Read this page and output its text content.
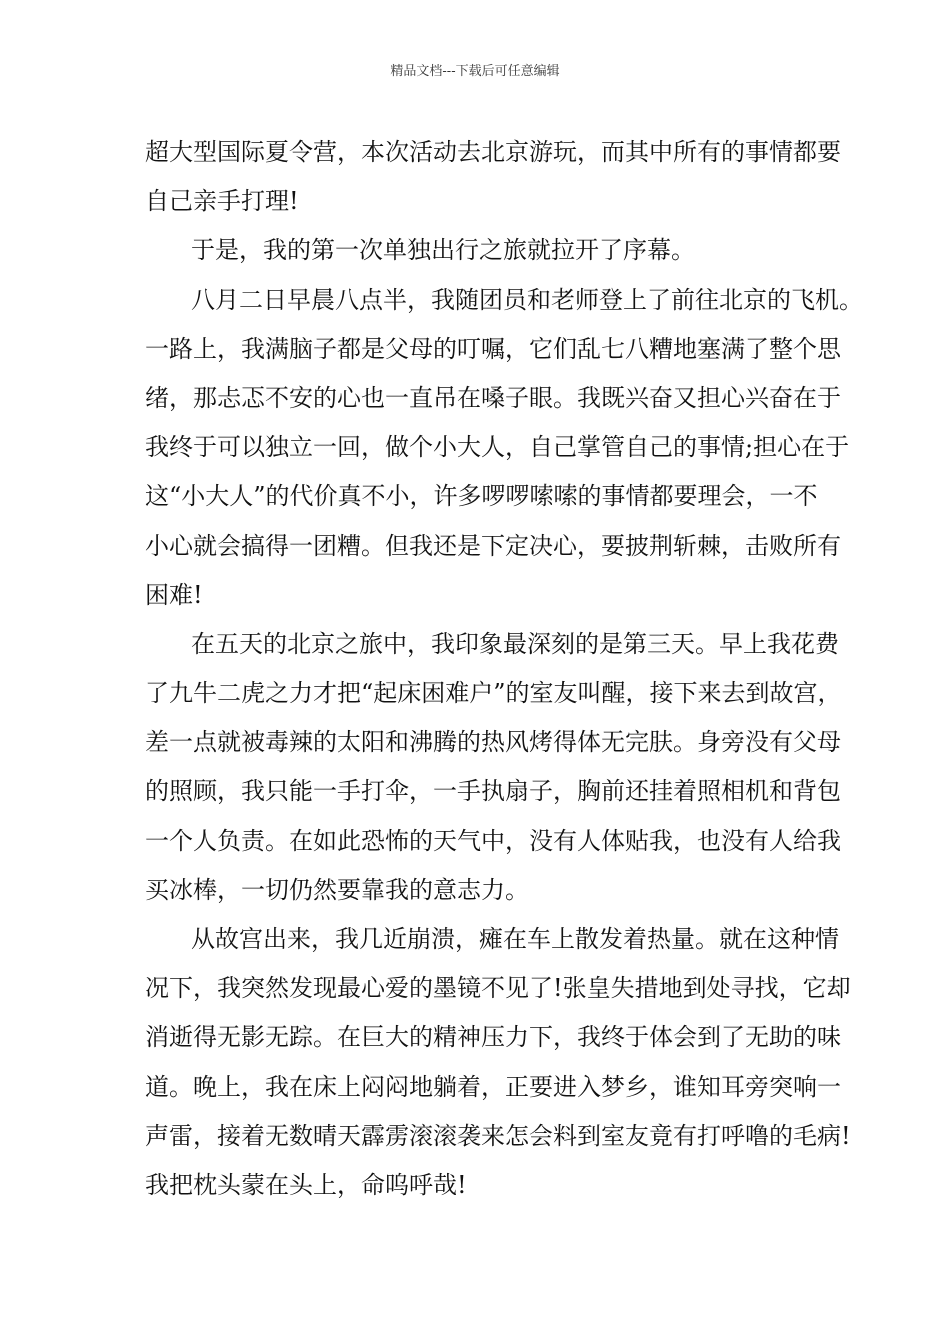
精品文档---下载后可任意编辑
超大型国际夏令营，本次活动去北京游玩，而其中所有的事情都要
自己亲手打理!
于是，我的第一次单独出行之旅就拉开了序幕。
八月二日早晨八点半，我随团员和老师登上了前往北京的飞机。
一路上，我满脑子都是父母的叮嘱，它们乱七八糟地塞满了整个思
绪，那忐忑不安的心也一直吊在嗓子眼。我既兴奋又担心兴奋在于
我终于可以独立一回，做个小大人，自己掌管自己的事情;担心在于
这“小大人”的代价真不小，许多啰啰嗦嗦的事情都要理会，一不
小心就会搞得一团糟。但我还是下定决心，要披荆斩棘，击败所有
困难!
在五天的北京之旅中，我印象最深刻的是第三天。早上我花费
了九牛二虎之力才把“起床困难户”的室友叫醒，接下来去到故宫，
差一点就被毒辣的太阳和沸腾的热风烤得体无完肤。身旁没有父母
的照顾，我只能一手打伞，一手执扇子，胸前还挂着照相机和背包
一个人负责。在如此恐怖的天气中，没有人体贴我，也没有人给我
买冰棒，一切仍然要靠我的意志力。
从故宫出来，我几近崩溃，瘫在车上散发着热量。就在这种情
况下，我突然发现最心爱的墨镜不见了!张皇失措地到处寻找，它却
消逝得无影无踪。在巨大的精神压力下，我终于体会到了无助的味
道。晚上，我在床上闷闷地躺着，正要进入梦乡，谁知耳旁突响一
声雷，接着无数晴天霹雳滚滚袭来怎会料到室友竟有打呼噜的毛病!
我把枕头蒙在头上，命呜呼哉!
